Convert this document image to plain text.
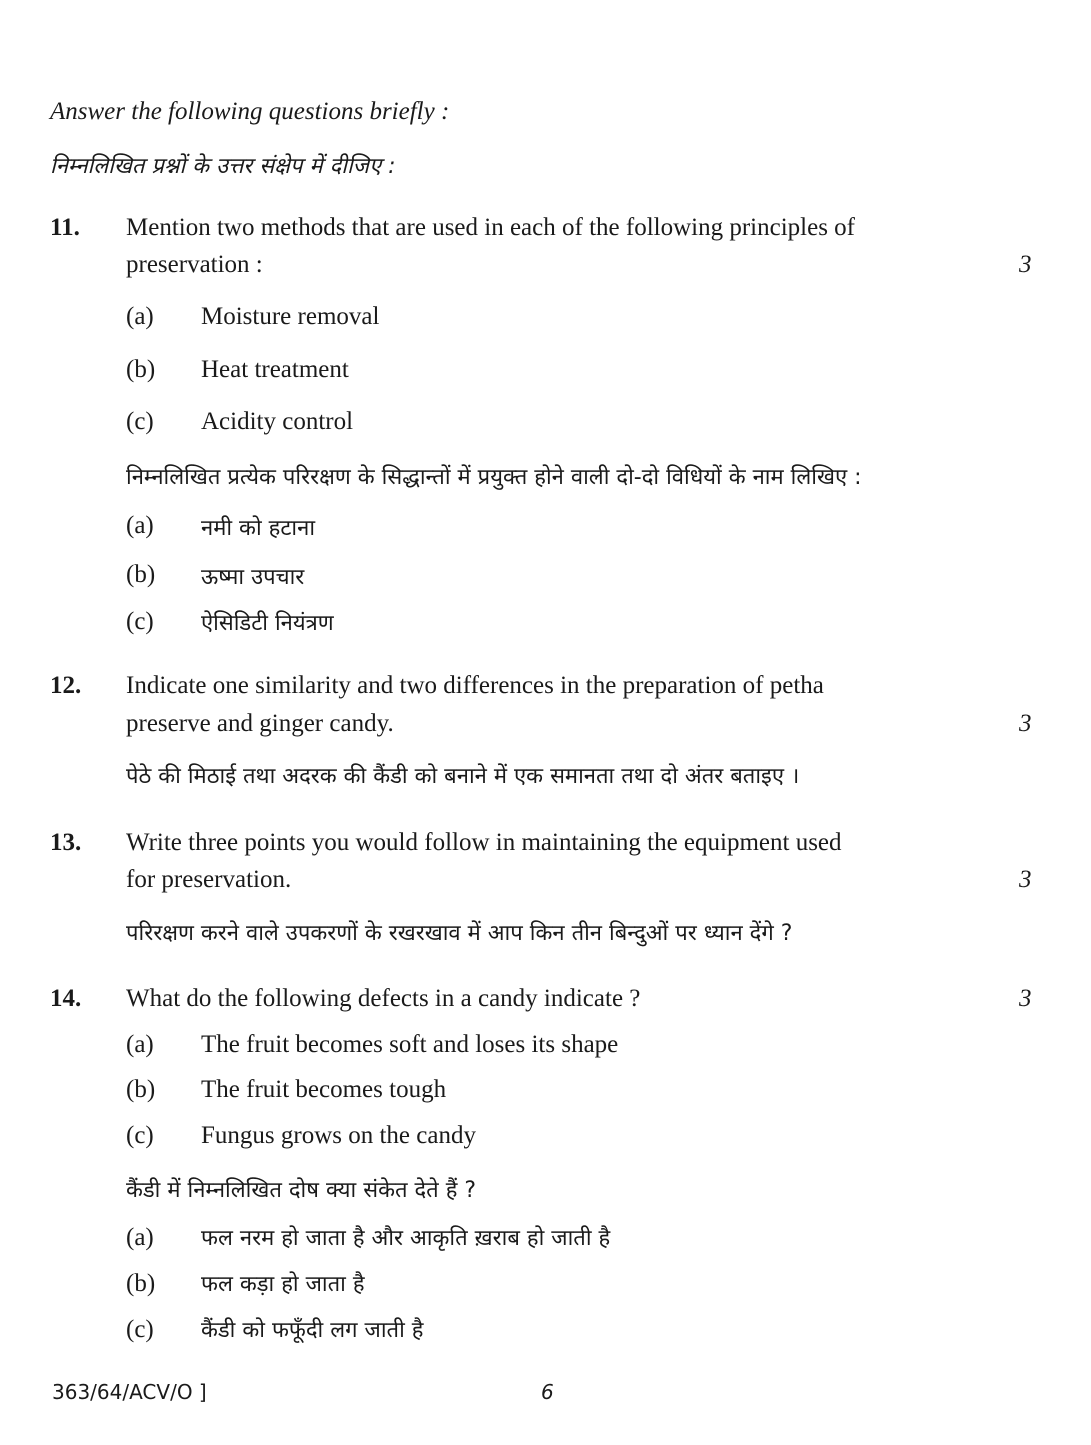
Answer the following questions briefly :
निम्नलिखित प्रश्नों के उत्तर संक्षेप में दीजिए :
11. Mention two methods that are used in each of the following principles of
preservation :	3
(a) Moisture removal
(b) Heat treatment
(c) Acidity control
निम्नलिखित प्रत्येक परिरक्षण के सिद्धान्तों में प्रयुक्त होने वाली दो-दो विधियों के नाम लिखिए :
(a) नमी को हटाना
(b) ऊष्मा उपचार
(c) ऐसिडिटी नियंत्रण
12. Indicate one similarity and two differences in the preparation of petha
preserve and ginger candy.	3
पेठे की मिठाई तथा अदरक की कैंडी को बनाने में एक समानता तथा दो अंतर बताइए ।
13. Write three points you would follow in maintaining the equipment used
for preservation.	3
परिरक्षण करने वाले उपकरणों के रखरखाव में आप किन तीन बिन्दुओं पर ध्यान देंगे ?
14. What do the following defects in a candy indicate ?	3
(a) The fruit becomes soft and loses its shape
(b) The fruit becomes tough
(c) Fungus grows on the candy
कैंडी में निम्नलिखित दोष क्या संकेत देते हैं ?
(a) फल नरम हो जाता है और आकृति ख़राब हो जाती है
(b) फल कड़ा हो जाता है
(c) कैंडी को फफूँदी लग जाती है
363/64/ACV/O ]	6
